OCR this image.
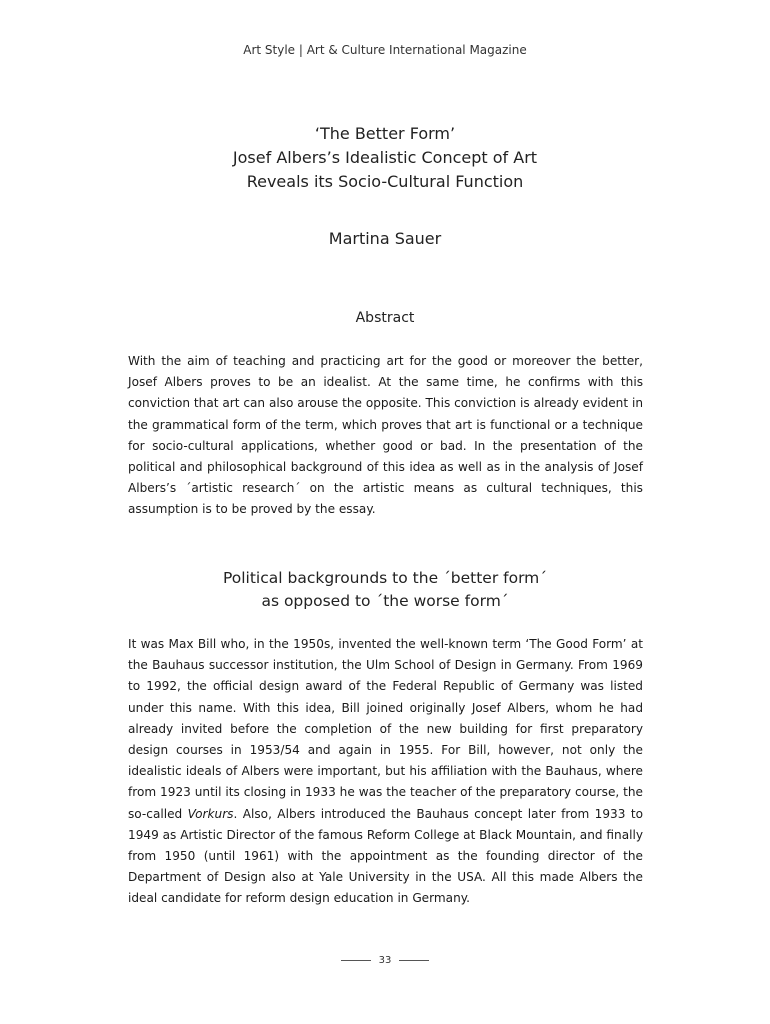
Art Style | Art & Culture International Magazine
‘The Better Form’
Josef Albers’s Idealistic Concept of Art
Reveals its Socio-Cultural Function
Martina Sauer
Abstract
With the aim of teaching and practicing art for the good or moreover the better, Josef Albers proves to be an idealist. At the same time, he confirms with this conviction that art can also arouse the opposite. This conviction is already evident in the grammatical form of the term, which proves that art is functional or a technique for socio-cultural applications, whether good or bad. In the presentation of the political and philosophical background of this idea as well as in the analysis of Josef Albers’s ´artistic research´ on the artistic means as cultural techniques, this assumption is to be proved by the essay.
Political backgrounds to the ´better form´
as opposed to ´the worse form´
It was Max Bill who, in the 1950s, invented the well-known term ‘The Good Form’ at the Bauhaus successor institution, the Ulm School of Design in Germany. From 1969 to 1992, the official design award of the Federal Republic of Germany was listed under this name. With this idea, Bill joined originally Josef Albers, whom he had already invited before the completion of the new building for first preparatory design courses in 1953/54 and again in 1955. For Bill, however, not only the idealistic ideals of Albers were important, but his affiliation with the Bauhaus, where from 1923 until its closing in 1933 he was the teacher of the preparatory course, the so-called Vorkurs. Also, Albers introduced the Bauhaus concept later from 1933 to 1949 as Artistic Director of the famous Reform College at Black Mountain, and finally from 1950 (until 1961) with the appointment as the founding director of the Department of Design also at Yale University in the USA. All this made Albers the ideal candidate for reform design education in Germany.
33
